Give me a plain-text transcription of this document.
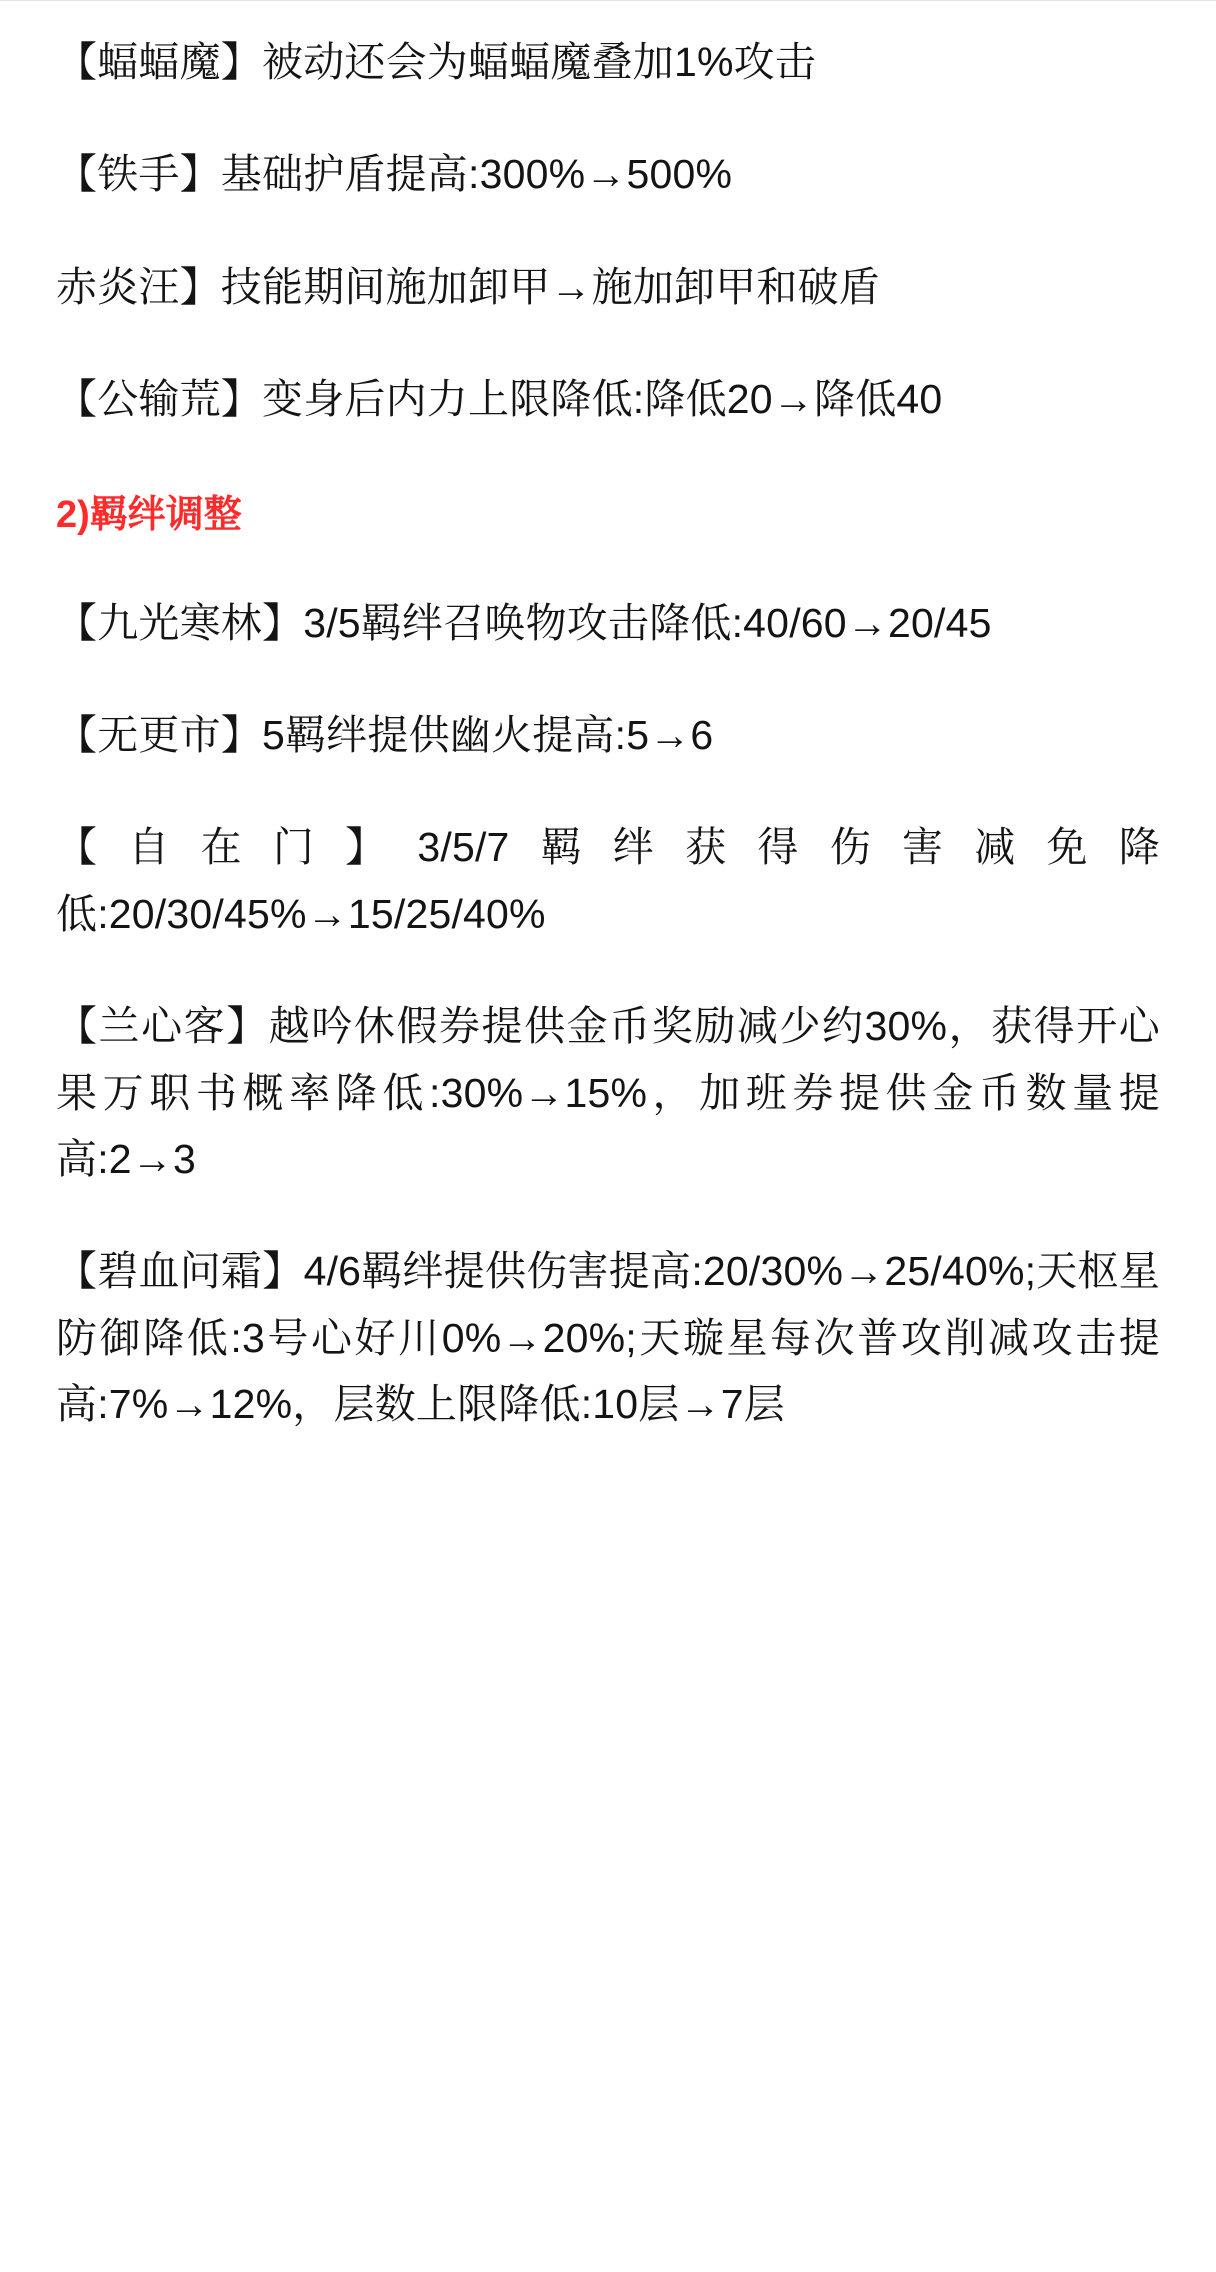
【蝠蝠魔】被动还会为蝠蝠魔叠加1%攻击

【铁手】基础护盾提高:300%→500%

赤炎汪】技能期间施加卸甲→施加卸甲和破盾

【公输荒】变身后内力上限降低:降低20→降低40

2)羁绊调整

【九光寒林】3/5羁绊召唤物攻击降低:40/60→20/45

【无更市】5羁绊提供幽火提高:5→6

【自在门】3/5/7羁绊获得伤害减免降低:20/30/45%→15/25/40%

【兰心客】越吟休假券提供金币奖励减少约30%，获得开心果万职书概率降低:30%→15%，加班券提供金币数量提高:2→3

【碧血问霜】4/6羁绊提供伤害提高:20/30%→25/40%;天枢星防御降低:3号心好川0%→20%;天璇星每次普攻削减攻击提高:7%→12%，层数上限降低:10层→7层
